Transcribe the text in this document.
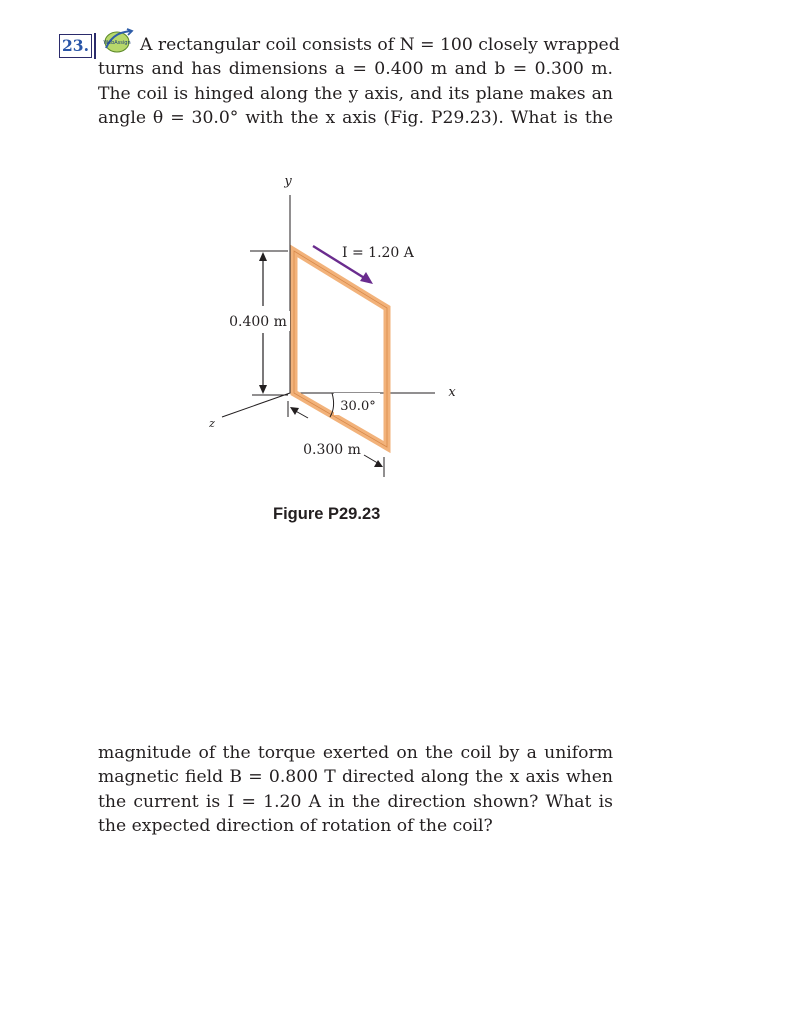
23.	WebAssign A rectangular coil consists of N = 100 closely wrapped
turns and has dimensions a = 0.400 m and b = 0.300 m.
The coil is hinged along the y axis, and its plane makes an
angle θ = 30.0° with the x axis (Fig. P29.23). What is the
y
x
z
I = 1.20 A
0.400 m
30.0°
0.300 m
Figure P29.23
magnitude of the torque exerted on the coil by a uniform
magnetic field B = 0.800 T directed along the x axis when
the current is I = 1.20 A in the direction shown? What is
the expected direction of rotation of the coil?
